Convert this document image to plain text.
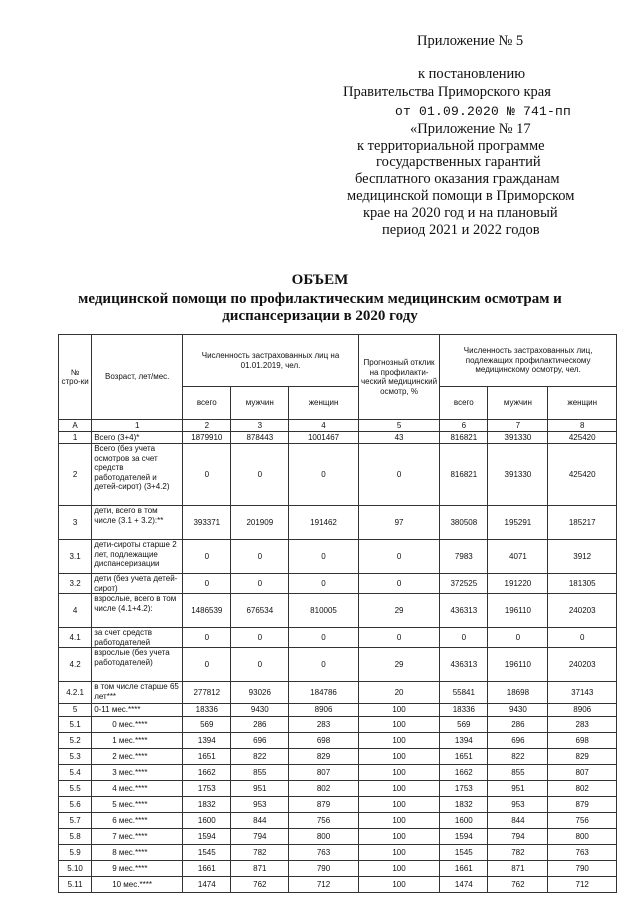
Приложение № 5
к постановлению
Правительства Приморского края
от 01.09.2020 № 741-пп
«Приложение № 17
к территориальной программе
государственных гарантий
бесплатного оказания гражданам
медицинской помощи в Приморском
крае на 2020 год и на плановый
период 2021 и 2022 годов
ОБЪЕМ
медицинской помощи по профилактическим медицинским осмотрам и
диспансеризации в 2020 году
№ стро-ки	Возраст, лет/мес.	Численность застрахованных лиц на 01.01.2019, чел.			Прогнозный отклик на профилакти-ческий медицинский осмотр, %	Численность застрахованных лиц, подлежащих профилактическому медицинскому осмотру, чел.		
		всего	мужчин	женщин		всего	мужчин	женщин
А	1	2	3	4	5	6	7	8
1	Всего (3+4)*	1879910	878443	1001467	43	816821	391330	425420
2	Всего (без учета осмотров за счет средств работодателей и детей-сирот) (3+4.2)	0	0	0	0	816821	391330	425420
3	дети, всего в том числе (3.1 + 3.2):**	393371	201909	191462	97	380508	195291	185217
3.1	дети-сироты старше 2 лет, подлежащие диспансеризации	0	0	0	0	7983	4071	3912
3.2	дети (без учета детей-сирот)	0	0	0	0	372525	191220	181305
4	взрослые, всего в том числе (4.1+4.2):	1486539	676534	810005	29	436313	196110	240203
4.1	за счет средств работодателей	0	0	0	0	0	0	0
4.2	взрослые (без учета работодателей)	0	0	0	29	436313	196110	240203
4.2.1	в том числе старше 65 лет***	277812	93026	184786	20	55841	18698	37143
5	0-11 мес.****	18336	9430	8906	100	18336	9430	8906
5.1	0 мес.****	569	286	283	100	569	286	283
5.2	1 мес.****	1394	696	698	100	1394	696	698
5.3	2 мес.****	1651	822	829	100	1651	822	829
5.4	3 мес.****	1662	855	807	100	1662	855	807
5.5	4 мес.****	1753	951	802	100	1753	951	802
5.6	5 мес.****	1832	953	879	100	1832	953	879
5.7	6 мес.****	1600	844	756	100	1600	844	756
5.8	7 мес.****	1594	794	800	100	1594	794	800
5.9	8 мес.****	1545	782	763	100	1545	782	763
5.10	9 мес.****	1661	871	790	100	1661	871	790
5.11	10 мес.****	1474	762	712	100	1474	762	712
